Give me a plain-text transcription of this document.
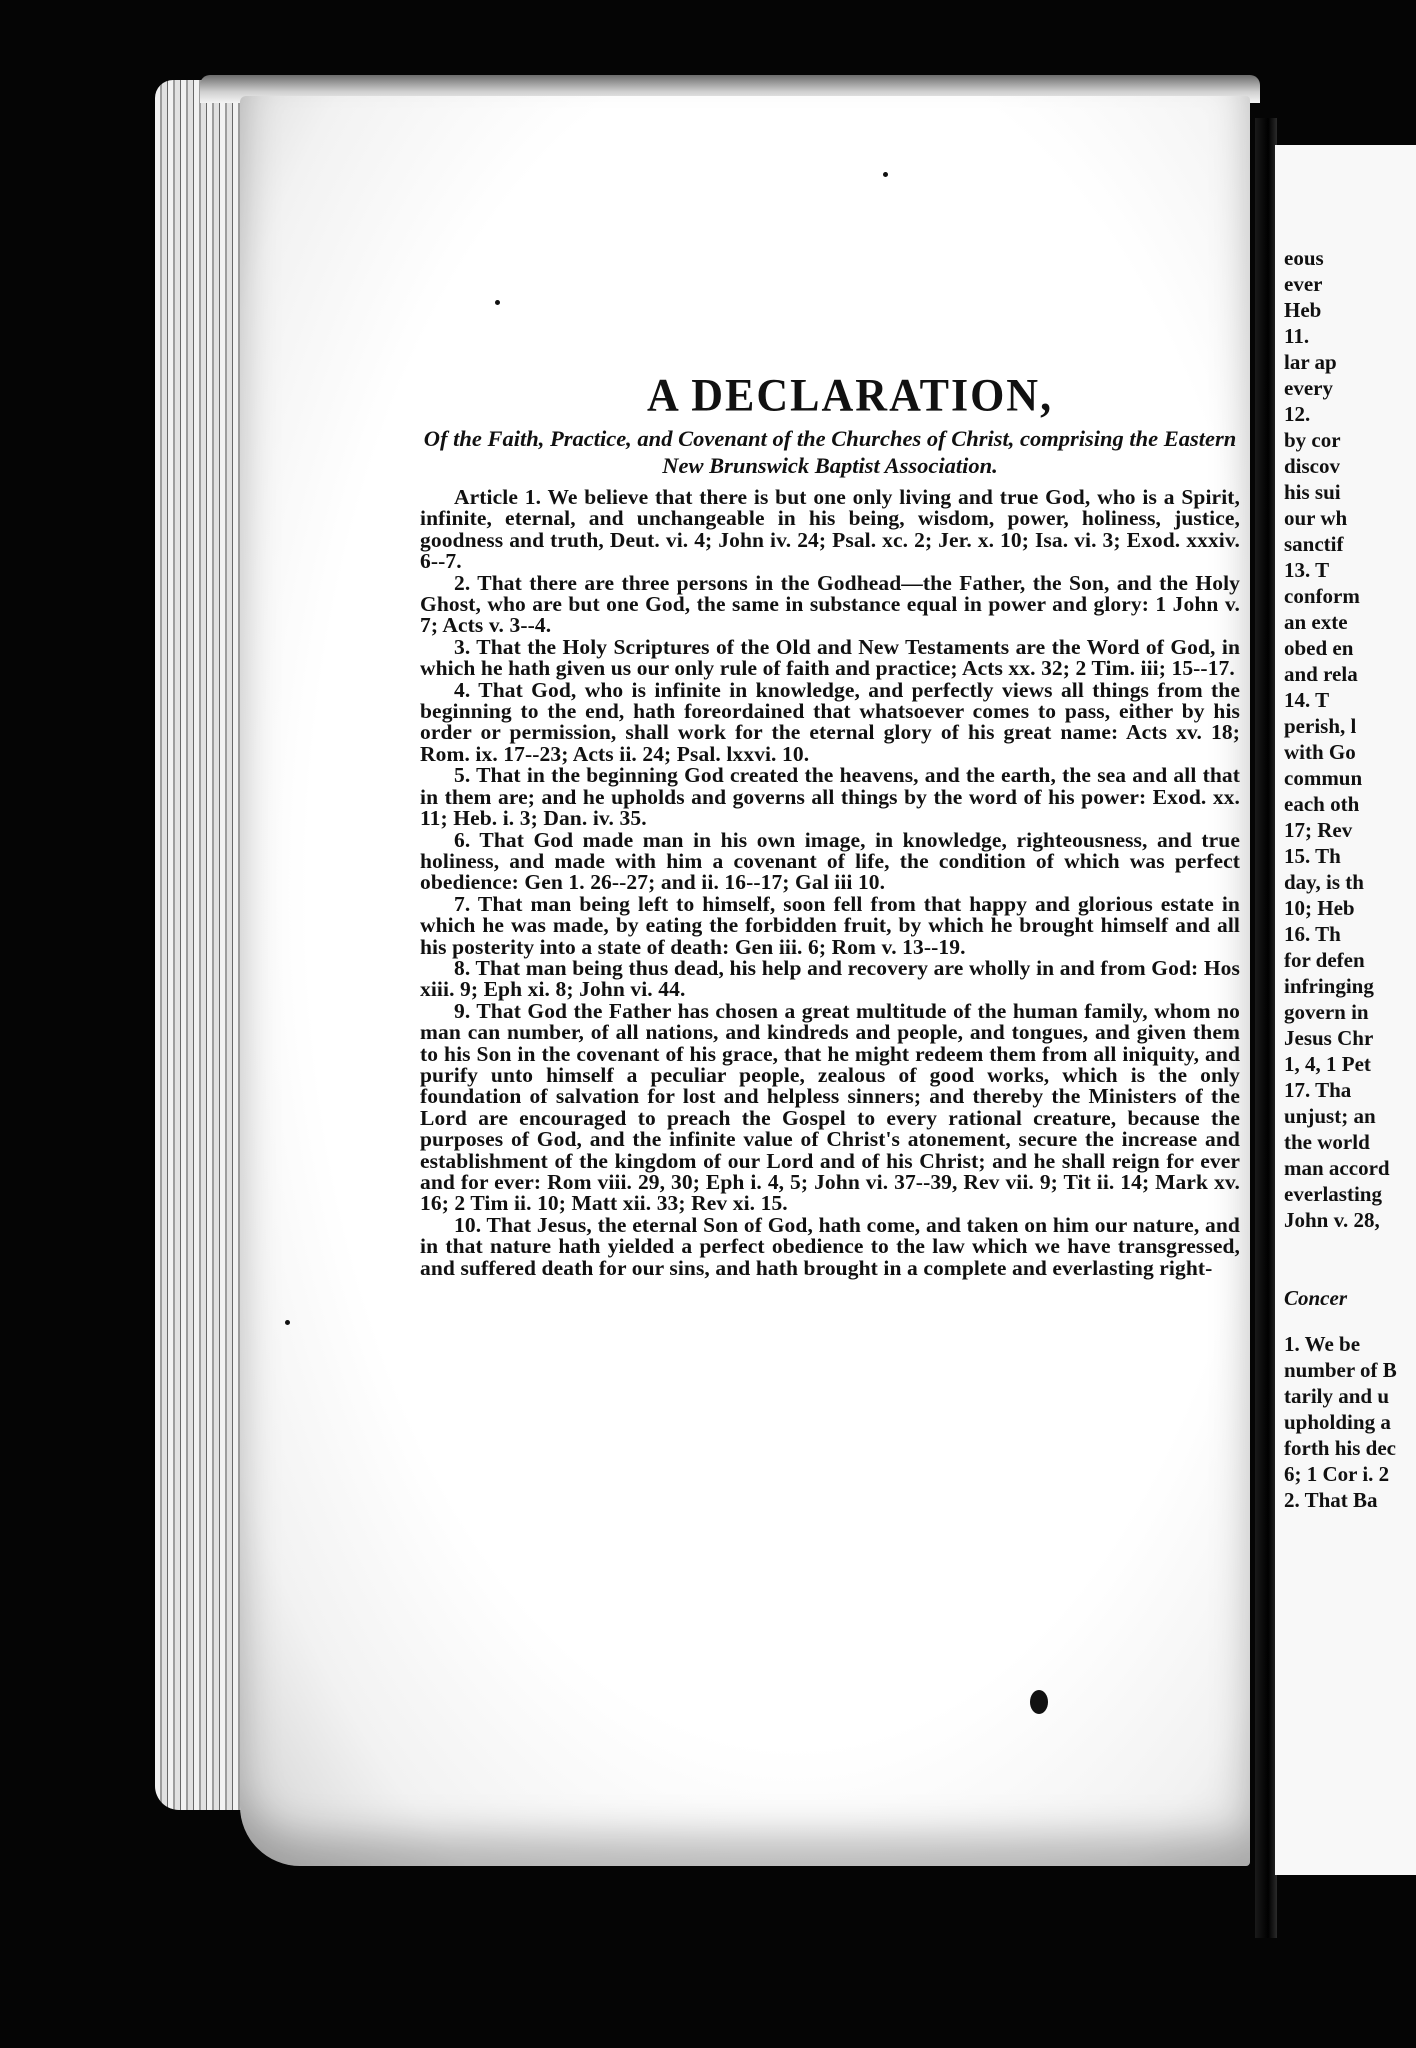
eous
ever
Heb
11.
lar ap
every
12.
by cor
discov
his sui
our wh
sanctif
13. T
conform
an exte
obed en
and rela
14. T
perish, l
with Go
commun
each oth
17; Rev
15. Th
day, is th
10; Heb
16. Th
for defen
infringing
govern in
Jesus Chr
1, 4, 1 Pet
17. Tha
unjust; an
the world
man accord
everlasting
John v. 28,
Concer
1. We be
number of B
tarily and u
upholding a
forth his dec
6; 1 Cor i. 2
2. That Ba
A DECLARATION,
Of the Faith, Practice, and Covenant of the Churches of Christ, comprising the Eastern New Brunswick Baptist Association.

Article 1. We believe that there is but one only living and true God, who is a Spirit, infinite, eternal, and unchangeable in his being, wisdom, power, holiness, justice, goodness and truth, Deut. vi. 4; John iv. 24; Psal. xc. 2; Jer. x. 10; Isa. vi. 3; Exod. xxxiv. 6--7.

2. That there are three persons in the Godhead—the Father, the Son, and the Holy Ghost, who are but one God, the same in substance equal in power and glory: 1 John v. 7; Acts v. 3--4.

3. That the Holy Scriptures of the Old and New Testaments are the Word of God, in which he hath given us our only rule of faith and practice; Acts xx. 32; 2 Tim. iii; 15--17.

4. That God, who is infinite in knowledge, and perfectly views all things from the beginning to the end, hath foreordained that whatsoever comes to pass, either by his order or permission, shall work for the eternal glory of his great name: Acts xv. 18; Rom. ix. 17--23; Acts ii. 24; Psal. lxxvi. 10.

5. That in the beginning God created the heavens, and the earth, the sea and all that in them are; and he upholds and governs all things by the word of his power: Exod. xx. 11; Heb. i. 3; Dan. iv. 35.

6. That God made man in his own image, in knowledge, righteousness, and true holiness, and made with him a covenant of life, the condition of which was perfect obedience: Gen 1. 26--27; and ii. 16--17; Gal iii 10.

7. That man being left to himself, soon fell from that happy and glorious estate in which he was made, by eating the forbidden fruit, by which he brought himself and all his posterity into a state of death: Gen iii. 6; Rom v. 13--19.

8. That man being thus dead, his help and recovery are wholly in and from God: Hos xiii. 9; Eph xi. 8; John vi. 44.

9. That God the Father has chosen a great multitude of the human family, whom no man can number, of all nations, and kindreds and people, and tongues, and given them to his Son in the covenant of his grace, that he might redeem them from all iniquity, and purify unto himself a peculiar people, zealous of good works, which is the only foundation of salvation for lost and helpless sinners; and thereby the Ministers of the Lord are encouraged to preach the Gospel to every rational creature, because the purposes of God, and the infinite value of Christ's atonement, secure the increase and establishment of the kingdom of our Lord and of his Christ; and he shall reign for ever and for ever: Rom viii. 29, 30; Eph i. 4, 5; John vi. 37--39, Rev vii. 9; Tit ii. 14; Mark xv. 16; 2 Tim ii. 10; Matt xii. 33; Rev xi. 15.

10. That Jesus, the eternal Son of God, hath come, and taken on him our nature, and in that nature hath yielded a perfect obedience to the law which we have transgressed, and suffered death for our sins, and hath brought in a complete and everlasting right-
